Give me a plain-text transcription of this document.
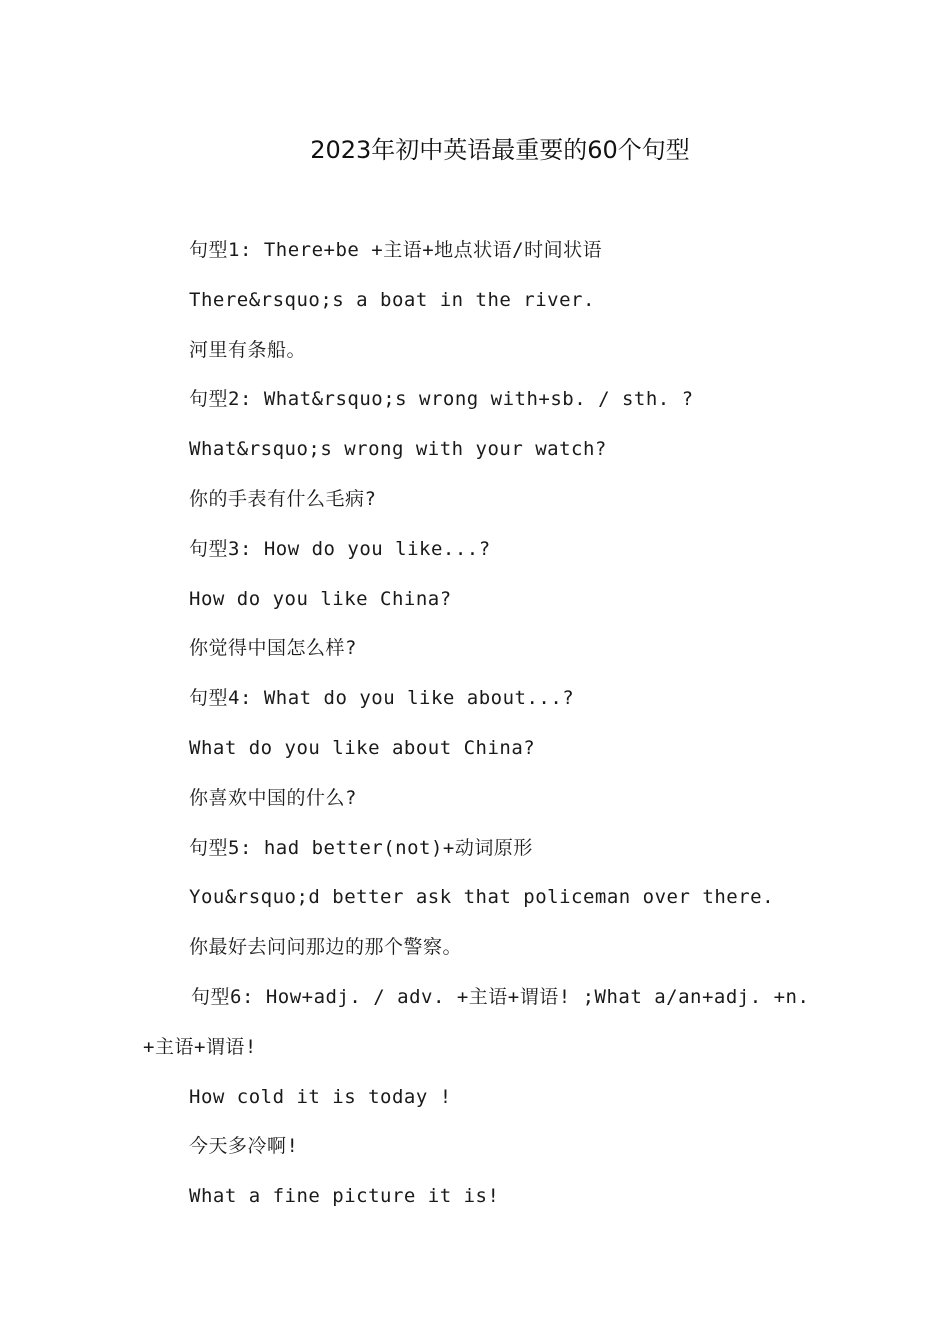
2023年初中英语最重要的60个句型
句型1: There+be +主语+地点状语/时间状语
There&rsquo;s a boat in the river.
河里有条船。
句型2: What&rsquo;s wrong with+sb. / sth. ?
What&rsquo;s wrong with your watch?
你的手表有什么毛病?
句型3: How do you like...?
How do you like China?
你觉得中国怎么样?
句型4: What do you like about...?
What do you like about China?
你喜欢中国的什么?
句型5: had better(not)+动词原形
You&rsquo;d better ask that policeman over there.
你最好去问问那边的那个警察。
句型6: How+adj. / adv. +主语+谓语! ;What a/an+adj. +n.
+主语+谓语!
How cold it is today !
今天多冷啊!
What a fine picture it is!
